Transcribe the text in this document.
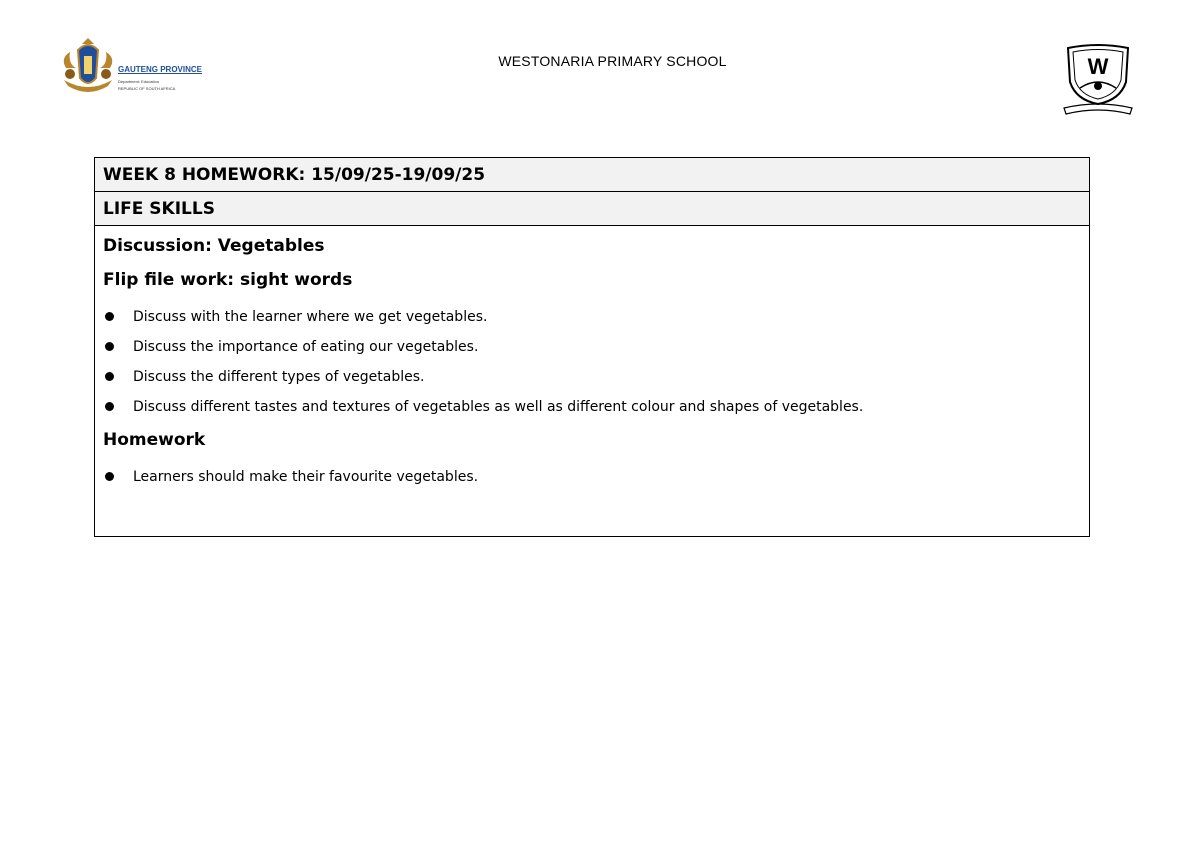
GAUTENG PROVINCE
Department: Education
REPUBLIC OF SOUTH AFRICA
WESTONARIA PRIMARY SCHOOL	W
WEEK 8 HOMEWORK: 15/09/25-19/09/25
LIFE SKILLS
Discussion: Vegetables
Flip file work: sight words
Discuss with the learner where we get vegetables.
Discuss the importance of eating our vegetables.
Discuss the different types of vegetables.
Discuss different tastes and textures of vegetables as well as different colour and shapes of vegetables.
Homework
Learners should make their favourite vegetables.
